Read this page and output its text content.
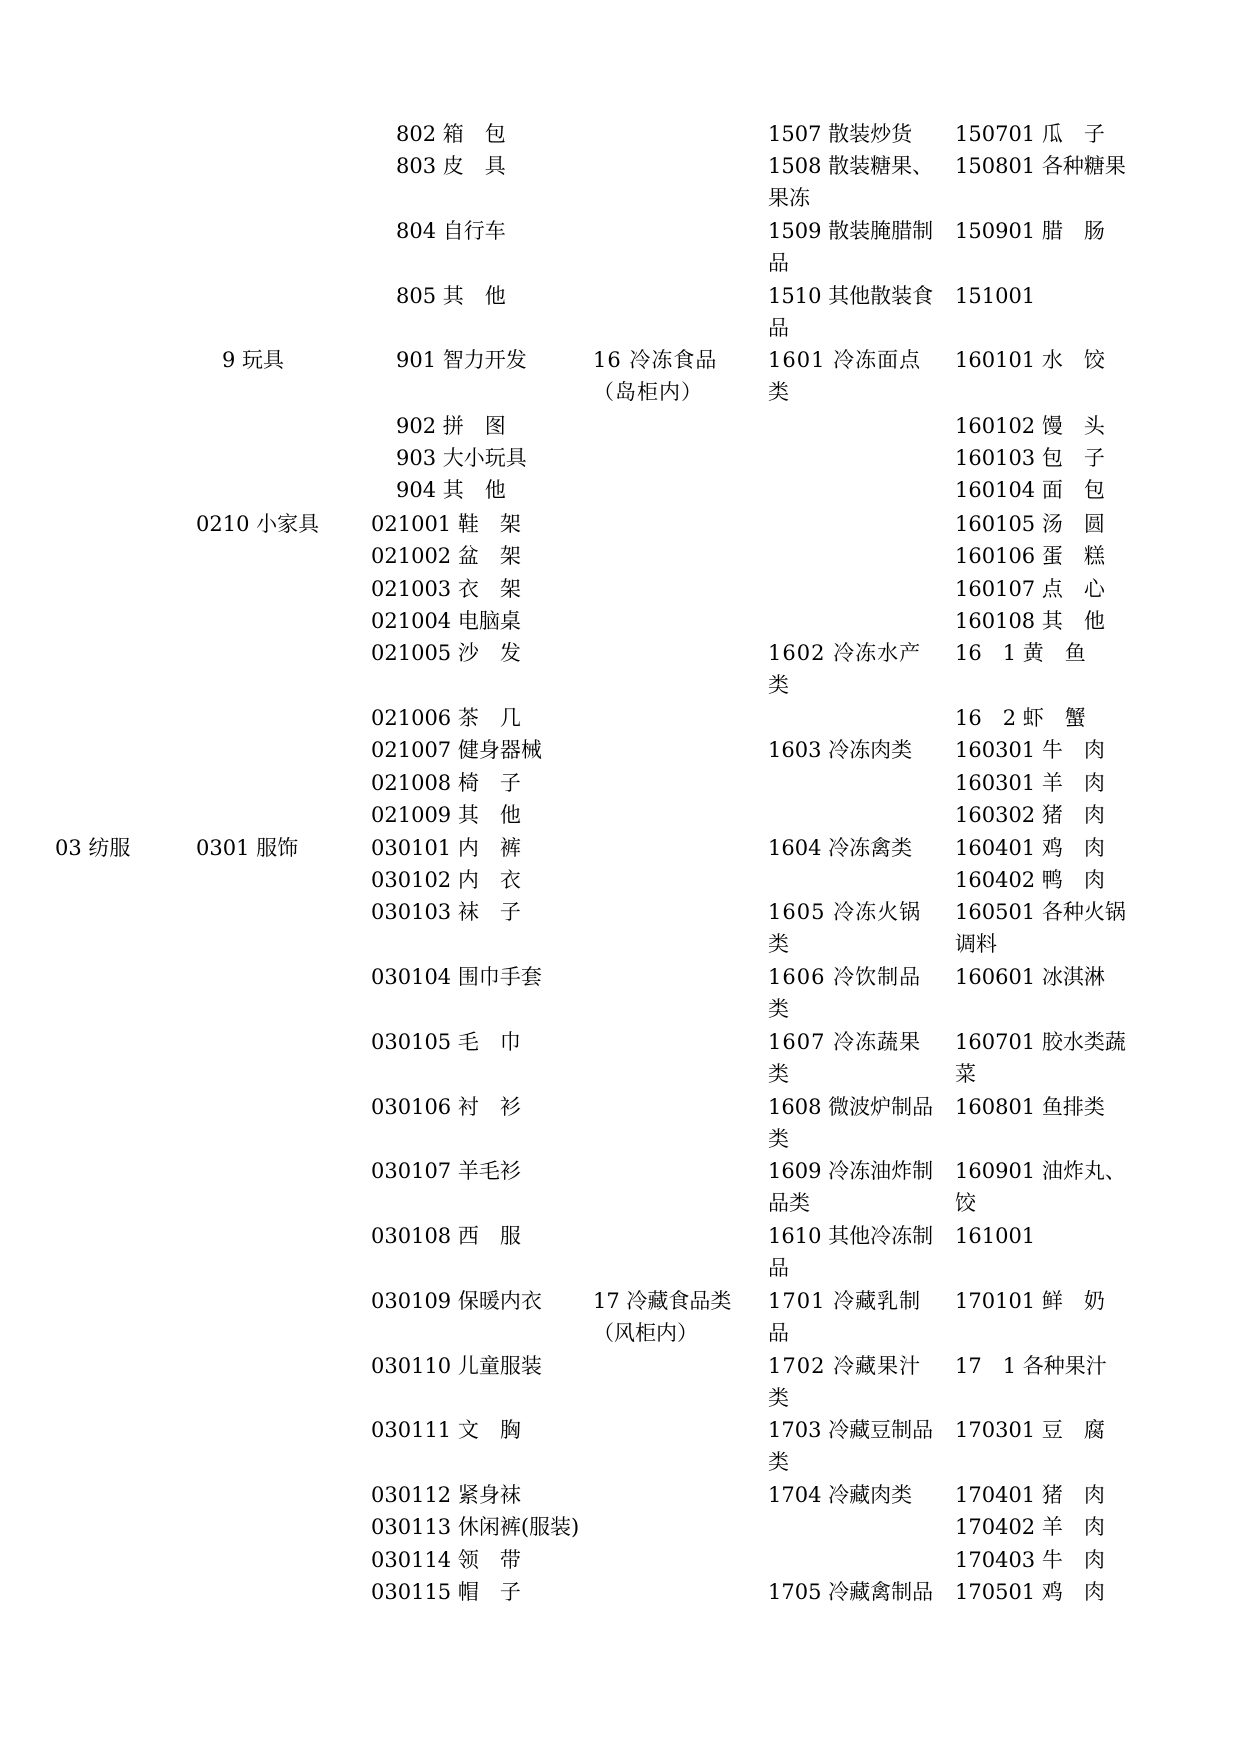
03 纺服
9 玩具
0210 小家具
0301 服饰
802 箱　包
803 皮　具
804 自行车
805 其　他
901 智力开发
902 拼　图
903 大小玩具
904 其　他
021001 鞋　架
021002 盆　架
021003 衣　架
021004 电脑桌
021005 沙　发
021006 茶　几
021007 健身器械
021008 椅　子
021009 其　他
030101 内　裤
030102 内　衣
030103 袜　子
030104 围巾手套
030105 毛　巾
030106 衬　衫
030107 羊毛衫
030108 西　服
030109 保暖内衣
030110 儿童服装
030111 文　胸
030112 紧身袜
030113 休闲裤(服装)
030114 领　带
030115 帽　子
16 冷冻食品（岛柜内）
17 冷藏食品类（风柜内）
1507 散装炒货
1508 散装糖果、果冻
1509 散装腌腊制品
1510 其他散装食品
1601 冷冻面点类
1602 冷冻水产类
1603 冷冻肉类
1604 冷冻禽类
1605 冷冻火锅类
1606 冷饮制品类
1607 冷冻蔬果类
1608 微波炉制品类
1609 冷冻油炸制品类
1610 其他冷冻制品
1701 冷藏乳制品
1702 冷藏果汁类
1703 冷藏豆制品类
1704 冷藏肉类
1705 冷藏禽制品
150701 瓜　子
150801 各种糖果
150901 腊　肠
151001
160101 水　饺
160102 馒　头
160103 包　子
160104 面　包
160105 汤　圆
160106 蛋　糕
160107 点　心
160108 其　他
16　1 黄　鱼
16　2 虾　蟹
160301 牛　肉
160301 羊　肉
160302 猪　肉
160401 鸡　肉
160402 鸭　肉
160501 各种火锅调料
160601 冰淇淋
160701 胶水类蔬菜
160801 鱼排类
160901 油炸丸、饺
161001
170101 鲜　奶
17　1 各种果汁
170301 豆　腐
170401 猪　肉
170402 羊　肉
170403 牛　肉
170501 鸡　肉
